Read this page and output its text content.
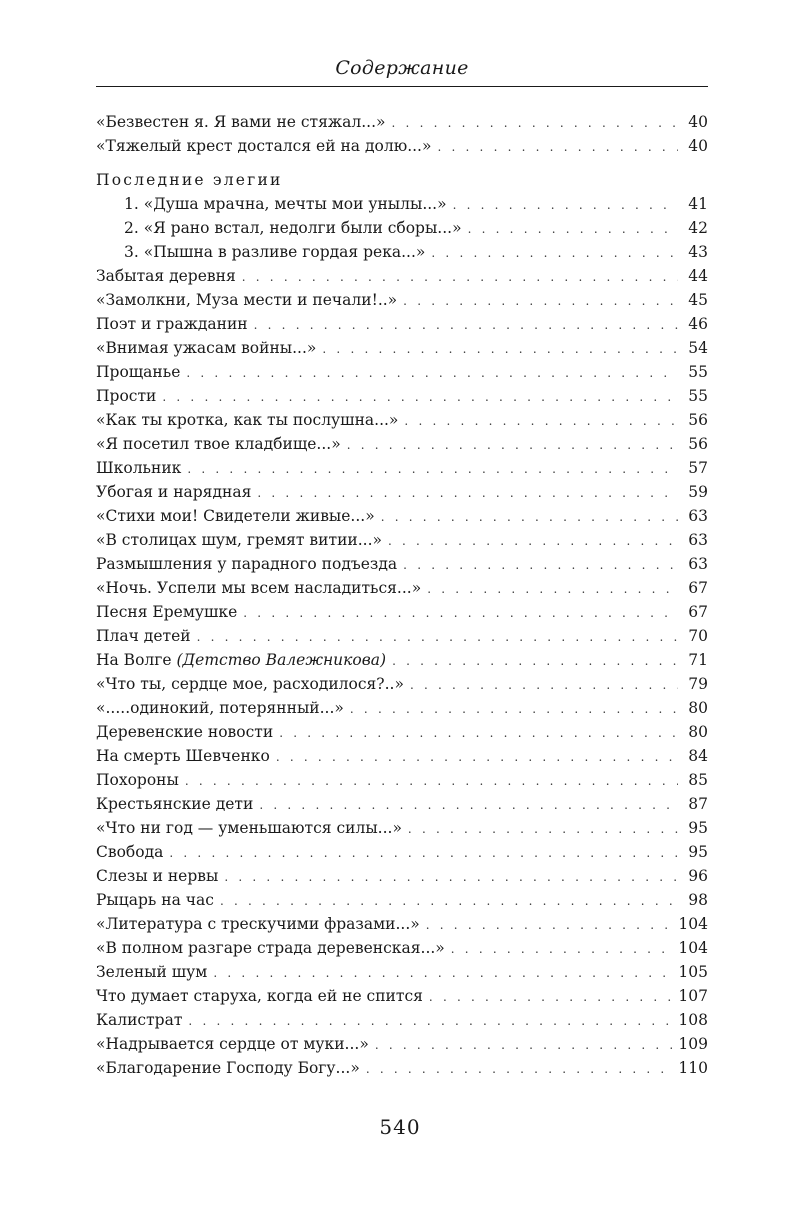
Содержание
«Безвестен я. Я вами не стяжал...» . . .	40
«Тяжелый крест достался ей на долю...» . . .	40
Последние элегии
1. «Душа мрачна, мечты мои унылы...» . . .	41
2. «Я рано встал, недолги были сборы...» . . .	42
3. «Пышна в разливе гордая река...» . . .	43
Забытая деревня . . .	44
«Замолкни, Муза мести и печали!..» . . .	45
Поэт и гражданин . . .	46
«Внимая ужасам войны...» . . .	54
Прощанье . . .	55
Прости . . .	55
«Как ты кротка, как ты послушна...» . . .	56
«Я посетил твое кладбище...» . . .	56
Школьник . . .	57
Убогая и нарядная . . .	59
«Стихи мои! Свидетели живые...» . . .	63
«В столицах шум, гремят витии...» . . .	63
Размышления у парадного подъезда . . .	63
«Ночь. Успели мы всем насладиться...» . . .	67
Песня Еремушке . . .	67
Плач детей . . .	70
На Волге (Детство Валежникова) . . .	71
«Что ты, сердце мое, расходилося?..» . . .	79
«.....одинокий, потерянный...» . . .	80
Деревенские новости . . .	80
На смерть Шевченко . . .	84
Похороны . . .	85
Крестьянские дети . . .	87
«Что ни год — уменьшаются силы...» . . .	95
Свобода . . .	95
Слезы и нервы . . .	96
Рыцарь на час . . .	98
«Литература с трескучими фразами...» . . .	104
«В полном разгаре страда деревенская...» . . .	104
Зеленый шум . . .	105
Что думает старуха, когда ей не спится . . .	107
Калистрат . . .	108
«Надрывается сердце от муки...» . . .	109
«Благодарение Господу Богу...» . . .	110
540
